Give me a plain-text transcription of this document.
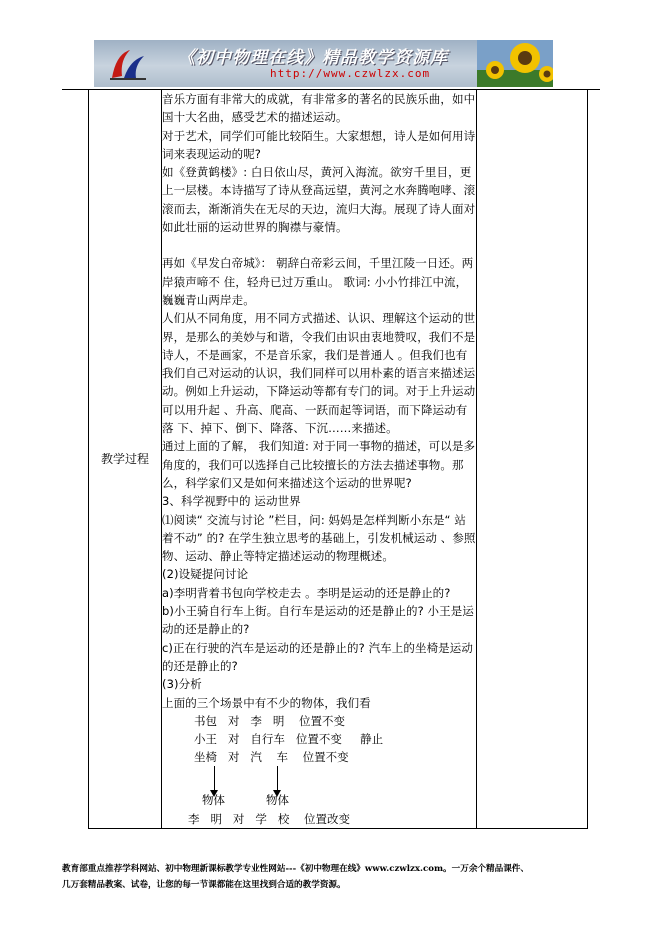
《初中物理在线》精品教学资源库
http://www.czwlzx.com
教学过程	

音乐方面有非常大的成就，有非常多的著名的民族乐曲，如中国十大名曲，感受艺术的描述运动。

对于艺术，同学们可能比较陌生。大家想想，诗人是如何用诗词来表现运动的呢?

如《登黄鹤楼》: 白日依山尽，黄河入海流。欲穷千里目，更上一层楼。本诗描写了诗从登高远望，黄河之水奔腾咆哮、滚滚而去，渐渐消失在无尽的天边，流归大海。展现了诗人面对如此壮丽的运动世界的胸襟与豪情。

再如《早发白帝城》： 朝辞白帝彩云间，千里江陵一日还。两岸猿声啼不 住，轻舟已过万重山。 歌词: 小小竹排江中流，巍巍青山两岸走。

人们从不同角度，用不同方式描述、认识、理解这个运动的世界，是那么的美妙与和谐，令我们由识由衷地赞叹，我们不是诗人，不是画家，不是音乐家，我们是普通人 。但我们也有我们自己对运动的认识，我们同样可以用朴素的语言来描述运动。例如上升运动，下降运动等都有专门的词。对于上升运动可以用升起 、升高、爬高、一跃而起等词语，而下降运动有落 下、掉下、倒下、降落、下沉……来描述。

通过上面的了解， 我们知道: 对于同一事物的描述，可以是多角度的，我们可以选择自己比较擅长的方法去描述事物。那么，科学家们又是如何来描述这个运动的世界呢?

3、科学视野中的 运动世界

⑴阅读“ 交流与讨论 ”栏目，问: 妈妈是怎样判断小东是“ 站着不动” 的? 在学生独立思考的基础上，引发机械运动 、参照物、运动、静止等特定描述运动的物理概述。

(2)设疑提问讨论

a)李明背着书包向学校走去 。李明是运动的还是静止的?

b)小王骑自行车上街。自行车是运动的还是静止的? 小王是运动的还是静止的?

c)正在行驶的汽车是运动的还是静止的? 汽车上的坐椅是运动的还是静止的?

(3)分析

上面的三个场景中有不少的物体，我们看

书包   对   李   明    位置不变

小王   对   自行车   位置不变     静止

坐椅   对   汽    车    位置不变

物体	物体

李   明   对   学   校    位置改变

教育部重点推荐学科网站、初中物理新课标教学专业性网站---《初中物理在线》www.czwlzx.com。一万余个精品课件、
几万套精品教案、试卷，让您的每一节课都能在这里找到合适的教学资源。
